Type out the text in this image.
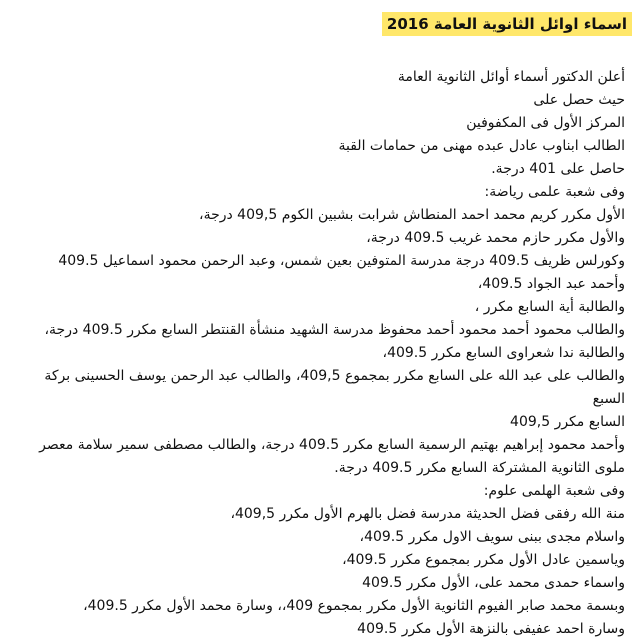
اسماء اوائل الثانوية العامة 2016
أعلن الدكتور أسماء أوائل الثانوية العامة
حيث حصل على
المركز الأول فى المكفوفين
الطالب ابناوب عادل عبده مهنى من حمامات القبة
حاصل على 401 درجة.
وفى شعبة علمى رياضة:
الأول مكرر كريم محمد احمد المنطاش شرابت بشبين الكوم 409,5 درجة،
والأول مكرر حازم محمد غريب 409.5 درجة،
وكورلس ظريف 409.5 درجة مدرسة المتوفين بعين شمس، وعبد الرحمن محمود اسماعيل 409.5
وأحمد عبد الجواد 409.5،
والطالبة أية السابع مكرر ،
والطالب محمود أحمد محمود أحمد محفوظ مدرسة الشهيد منشأة القنتطر السابع مكرر 409.5 درجة،
والطالبة ندا شعراوى السابع مكرر 409.5،
والطالب على عبد الله على السابع مكرر بمجموع 409,5، والطالب عبد الرحمن يوسف الحسينى بركة السبع
السابع مكرر 409,5
وأحمد محمود إبراهيم بهتيم الرسمية السابع مكرر 409.5 درجة، والطالب مصطفى سمير سلامة معصر ملوى الثانوية المشتركة السابع مكرر 409.5 درجة.
وفى شعبة الهلمى علوم:
منة الله رفقى فضل الحديثة مدرسة فضل بالهرم الأول مكرر 409,5،
واسلام مجدى ببنى سويف الاول مكرر 409.5،
وياسمين عادل الأول مكرر بمجموع مكرر 409.5،
واسماء حمدى محمد على، الأول مكرر 409.5
وبسمة محمد صابر الفيوم الثانوية الأول مكرر بمجموع 409،، وسارة محمد الأول مكرر 409.5،
وسارة احمد عفيفى بالنزهة الأول مكرر 409.5
